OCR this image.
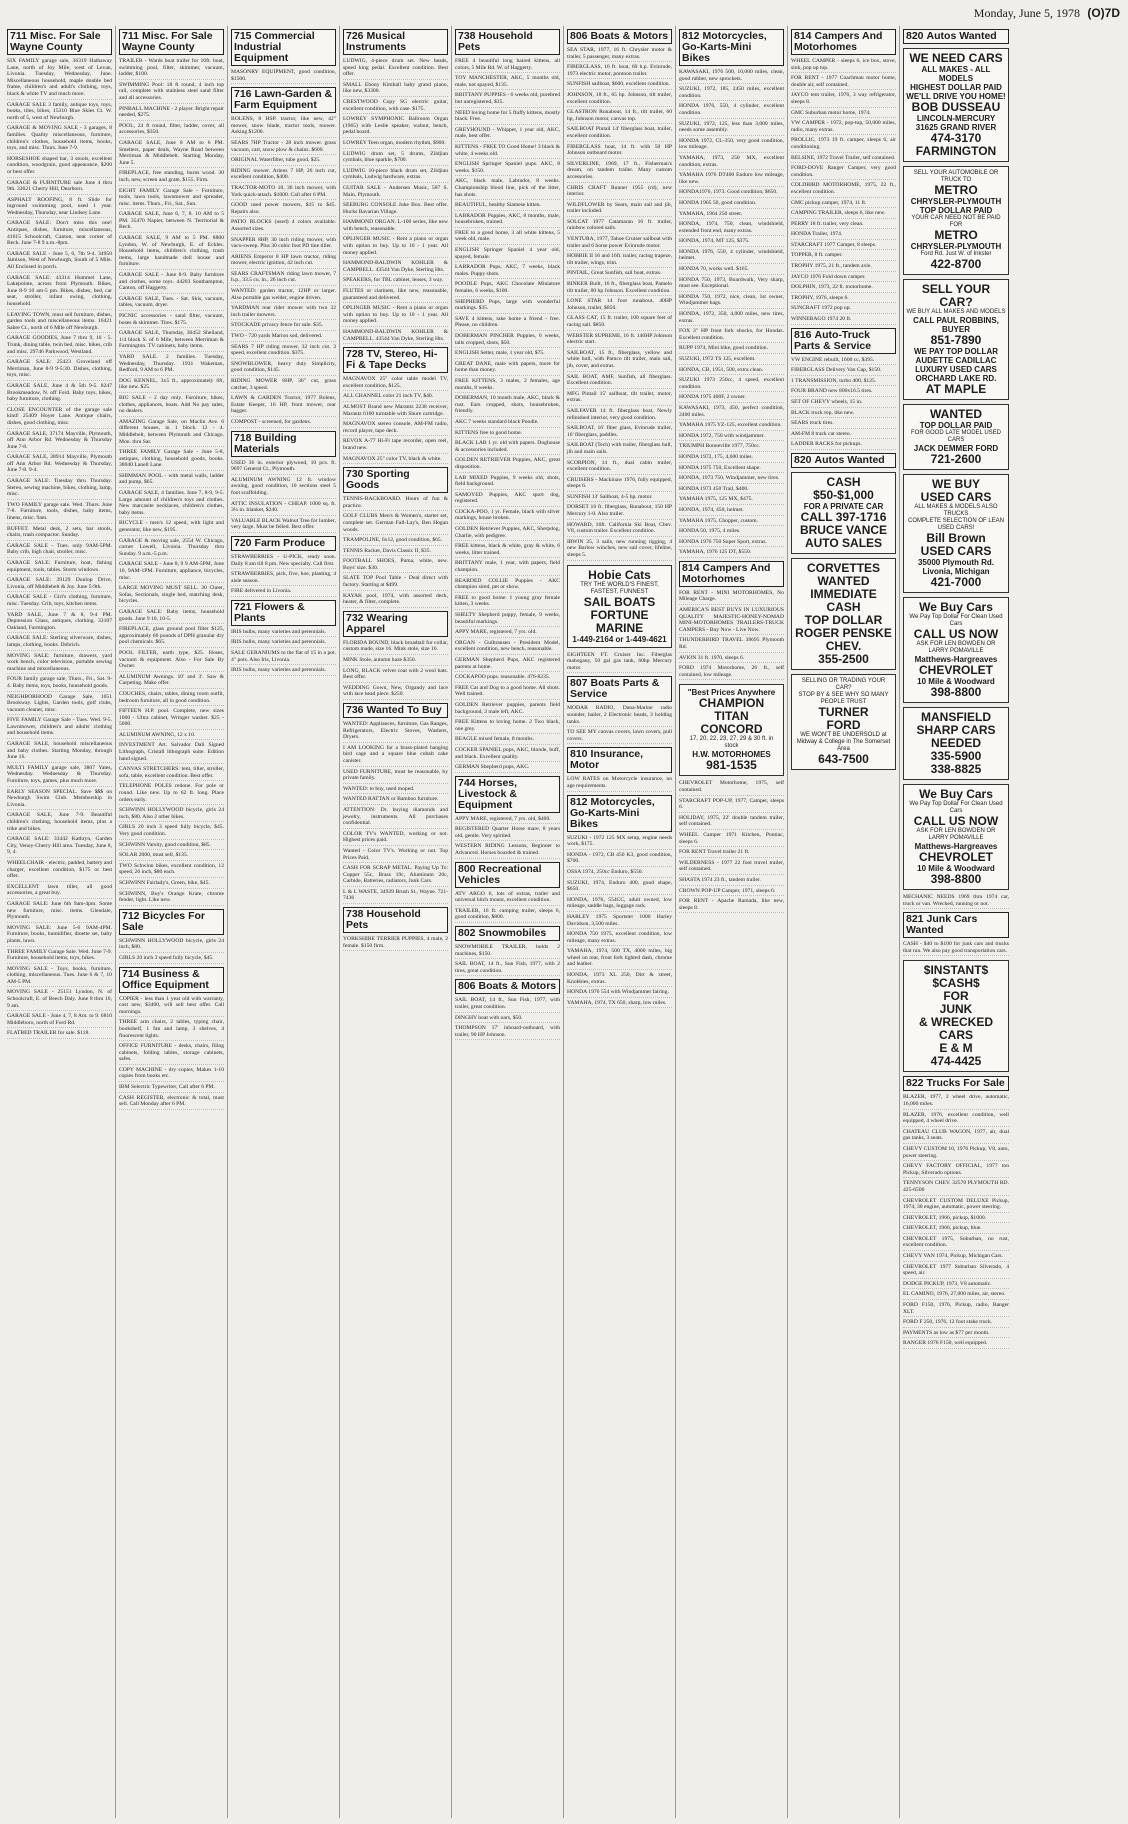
Monday, June 5, 1978 (O)7D
711 Misc. For Sale Wayne County

SIX FAMILY garage sale, 36319 Hathaway Lane, north of Joy Mile, west of Levan, Livonia. Tuesday, Wednesday, June. Miscellaneous household, maple double bed frame, children's and adult's clothing, toys, black & white TV and much more.

GARAGE SALE 3 family, antique toys, toys, books, tiles, bikes, 15310 Blue Skies Ct. W. north of 5, west of Newburgh.

GARAGE & MOVING SALE - 3 garages, 8 families. Quality miscellaneous, furniture, children's clothes, household items, books, toys, and misc. Thurs. June 7-9.

HORSESHOE shaped bar, 3 stools, excellent condition, woodgrain, good appearance, $200 or best offer.

GARAGE & FURNITURE sale June 4 thru 9th. 33621 Cherry Hill, Dearborn.

ASPHALT ROOFING, 8 ft. Slide for inground swimming pool, used 1 year. Wednesday, Thursday, near Lindsey Lane.

GARAGE SALE: Don't miss this one! Antiques, dishes, furniture, miscellaneous, 41615 Schoolcraft, Canton, near corner of Beck. June 7-8 9 a.m.-8pm.

GARAGE SALE - June 5, 6, 7th 9-4. 34950 Jamison, West of Newburgh, South of 5 Mile. All Enclosed in porch.

GARAGE SALE: 43314 Hummel Lane, Lakepointe, across from Plymouth. Bikes, June 8-9 10 am-5 pm. Bikes, dishes, bed, car seat, stroller, infant swing, clothing, household.

LEAVING TOWN, must sell furniture, dishes, garden tools and miscellaneous items. 16421 Sabre Ct., north of 6 Mile off Newburgh.

GARAGE GOODIES, June 7 thru 9, 10 - 5. Trunk, dining table, twin bed, misc. bikes, crib and misc. 29746 Parkwood, Westland.

GARAGE SALE: 25423 Groveland off Merriman, June 8-9 9-5:30. Dishes, clothing, toys, misc.

GARAGE SALE, June 4 & 5th 9-5. 8247 Brookmeadow, N. off Ford. Baby toys, bikes, baby furniture, clothing.

CLOSE ENCOUNTER of the garage sale kind! 25409 Hoyer Lane. Antique chairs, dishes, good clothing, misc.

GARAGE SALE, 37174 Mayville, Plymouth, off Ann Arbor Rd. Wednesday & Thursday June 7-8.

GARAGE SALE, 38914 Mayville, Plymouth off Ann Arbor Rd. Wednesday & Thursday, June 7-8. 9-4.

GARAGE SALE: Tuesday thru Thursday. Stereo, sewing machine, bikes, clothing, lamp, misc.

TWO FAMILY garage sale. Wed. Thurs. June 7-8. Furniture, tools, dishes, baby items, linens, misc. 9am.

BUFFET. Metal desk, 2 sets, bar stools, chairs, trash compactor. Sunday.

GARAGE SALE - Tues. only 9AM-5PM. Baby crib, high chair, stroller, misc.

GARAGE SALE: Furniture, boat, fishing equipment, tools, tables. Storm windows.

GARAGE SALE: 39129 Dunlop Drive, Livonia, off Middlebelt & Joy. June 5-9th.

GARAGE SALE - Girl's clothing, furniture, misc. Tuesday. Crib, toys, kitchen items.

YARD SALE, June 7 & 8, 9-4 PM. Depression Glass, antiques, clothing. 33107 Oakland, Farmington.

GARAGE SALE: Sterling silverware, dishes, lamps, clothing, books. Dobrich.

MOVING SALE: furniture, drawers, yard work bench, color television, portable sewing machine and miscellaneous.

FOUR family garage sale, Thurs., Fri., Sat. 9-4. Baby items, toys, books, household goods.

NEIGHBORHOOD Garage Sale, 1651 Brookway. Lights, Garden tools, golf clubs, vacuum cleaner, misc.

FIVE FAMILY Garage Sale - Tues. Wed. 9-5. Lawnmower, children's and adults' clothing and household items.

GARAGE SALE, household miscellaneous and baby clothes. Starting Monday, through June 16.

MULTI FAMILY garage sale, 3807 Yates, Wednesday. Wednesday & Thursday. Furniture, toys, games, plus much more.

EARLY SEASON SPECIAL. Save $$$ on Newburgh Swim Club. Membership in Livonia.

GARAGE SALE, June 7-9. Beautiful children's clothing, household items, plus a trike and bikes.

GARAGE SALE: 33442 Kathryn, Garden City, Venoy-Cherry Hill area. Tuesday, June 8, 9, 4.

WHEELCHAIR - electric, padded, battery and charger, excellent condition, $175 or best offer.

EXCELLENT lawn tiller, all good accessories, a great buy.

GARAGE SALE: June 6th 9am-4pm. Some new furniture, misc. items. Glendale, Plymouth.

MOVING SALE: June 5-6 9AM-4PM. Furniture, books, humidifier, dinette set, baby plants, lawn.

THREE FAMILY Garage Sale. Wed. June 7-9. Furniture, household items, toys, bikes.

MOVING SALE - Toys, books, furniture, clothing, miscellaneous. Tues. June 6 & 7, 10 AM-5 PM.

MOVING SALE - 25151 Lyndon, N. of Schoolcraft, E. of Beech Daly. June 8 thru 10, 9 am.

GARAGE SALE - June 4, 7, 8 Am. to 9. 6810 Middleboro, north of Ford Rd.

FLATBED TRAILER for sale. $118.

711 Misc. For Sale Wayne County

TRAILER - Wards boat trailer for 16ft. boat, swimming pool, filter, skimmer, vacuum, ladder, $100.

SWIMMING Pool: 18 ft round, 4 inch top rail, complete with stainless steel sand filter and all accessories.

PINBALL MACHINE - 2 player. Bright repair needed, $275.

POOL, 24 ft round, filter, ladder, cover, all accessories, $350.

GARAGE SALE, June 8 AM to 6 PM. Smelters, paper deals, Wayne Road between Merriman & Middlebelt. Starting Monday, June 5.

FIREPLACE, free standing, burns wood. 30 inch, new, screen and grate, $155. Firm.

EIGHT FAMILY Garage Sale - Furniture, tools, lawn tools, lawnmower and spreader, misc. items. Thurs., Fri., Sat., Sun.

GARAGE SALE, June 6, 7, 8. 10 AM to 5 PM. 35470 Napier, between N. Territorial & Beck.

GARAGE SALE, 9 AM to 5 PM. 8800 Lyndon, W. of Newburgh, E. of Eckles. Household items, children's clothing, trash items, large handmade doll house and furniture.

GARAGE SALE - June 8-9. Baby furniture and clothes, some toys. 44203 Southampton, Canton, off Haggerty.

GARAGE SALE, Tues. - Sat. Skis, vacuum, tables, vacuum, dryer.

PICNIC accessories - sand filter, vacuum, hoses & skimmer. Tires. $175.

GARAGE SALE, Thursday, 30452 Sheiland, 1/4 block S. of 6 Mile, between Merriman & Farmington. TV cabinets, baby items.

YARD SALE. 2 families. Tuesday, Wednesday, Thursday. 1931 Wakeman, Redford. 9 AM to 6 PM.

DOG KENNEL, 3x5 ft., approximately 6ft, like new. $25.

BIG SALE - 2 day only. Furniture, bikes, clothes, appliances, boats. Add No pay sales, no dealers.

AMAZING Garage Sale, on Maclin Ave. 6 different houses, in 1 block. 12 - 4. Middlebelt, between Plymouth and Chicago. Mon. thru Sat.

THREE FAMILY Garage Sale - June 5-8, antiques, clothing, household goods, books. 38040 Lanell Lane.

SHIMMAN POOL - with metal walls, ladder and pump, $65.

GARAGE SALE, 4 families. June 7, 8-9, 9-5. Large amount of children's toys and clothes. New marcasite necklaces, children's clothes, baby items.

BICYCLE - men's 12 speed, with light and generator, like new, $195.

GARAGE & moving sale, 2554 W. Chicago, corner Lowell, Livonia. Thursday thru Sunday. 9 a.m.-5 p.m.

GARAGE SALE - June 8, 9 9 AM-5PM, June 10, 9AM-1PM. Furniture, appliance, bicycles, misc.

LARGE MOVING MUST SELL. 30 Cheer, Sofas, Sectionals, single bed, matching desk, bicycles.

GARAGE SALE: Baby items, household goods. June 9 10, 10-5.

FIREPLACE, glass ground pool filter $125, approximately 60 pounds of DPH granular dry pool chemicals. $65.

POOL FILTER, earth type, $25. Hoses, vacuum & equipment. Also - For Sale By Owner.

ALUMINUM Awnings. 10' and 3'. Saw & Carpeting. Make offer.

COUCHES, chairs, tables, dining room outfit, bedroom furniture, all in good condition.

FIFTEEN H.P. pool. Complete, new sizes 1000 - Ultra cabinet, Wringer washer. $25 - 5000.

ALUMINUM AWNING, 12 x 10.

INVESTMENT Art. Salvador Dali Signed Lithograph, Cristall lithograph suite. Edition hand signed.

CANVAS STRETCHERS: tent, tiller, stroller, sofa, table, excellent condition. Best offer.

TELEPHONE POLES redone. For pole or round. Like new. Up to 62 ft. long. Place orders early.

SCHWINN HOLLYWOOD bicycle, girls 24 inch, $80. Also 2 other bikes.

GIRLS 20 inch 3 speed fully bicycle, $45. Very good condition.

SCHWINN Varsity, good condition, $85.

SOLAR 2000, must sell, $135.

TWO Schwinn bikes, excellent condition, 12 speed, 26 inch, $80 each.

SCHWINN Fairlady's, Green, bike, $45.

SCHWINN, Boy's Orange Krate, chrome fender, light. Like new.

712 Bicycles For Sale

SCHWINN HOLLYWOOD bicycle, girls 24 inch, $80.

GIRLS 20 inch 3 speed fully bicycle, $45.

714 Business & Office Equipment

COPIER - less than 1 year old with warranty, cost new, $3400, will sell best offer. Call mornings.

THREE arm chairs, 2 tables, typing chair, bookshelf, 1 fan and lamp, 3 shelves, 4 fluorescent lights.

OFFICE FURNITURE - desks, chairs, filing cabinets, folding tables, storage cabinets, safes.

COPY MACHINE - dry copies, Makes 1-10 copies from books etc.

IBM Selectric Typewriter, Call after 6 PM.

CASH REGISTER, electronic & total, must sell. Call Monday after 6 PM.

715 Commercial Industrial Equipment

MASONRY EQUIPMENT, good condition, $1500.

716 Lawn-Garden & Farm Equipment

BOLENS, 8 HSP. tractor, like new, 42" mower, snow blade, tractor tools, mower. Asking $1200.

SEARS 7HP Tractor - 28 inch mower. grass vacuum, cart, snow plow & chains. $600.

ORIGINAL Waterfilter, tube good, $25.

RIDING mower. Ariens 7 HP, 26 inch cut, excellent condition, $400.

TRACTOR-MOTO 18, 36 inch mower, with York quick-attach. $1000. Call after 6 PM.

GOOD used power mowers, $15 to $45. Repairs also.

PATIO BLOCKS (used) 4 colors available. Assorted sizes.

SNAPPER 8HP, 30 inch riding mower, with vacu-sweep. Plus 30 cubic foot PD tine tiller.

ARIENS Emperor 8 HP lawn tractor, riding mower, electric ignition, 42 inch cut.

SEARS CRAFTSMAN riding lawn mower, 7 h.p., 33.5 cu. in., 26 inch cut.

WANTED: garden tractor, 12HP or larger. Also portable gas welder, engine driven.

YARDMAN rear rider mower with two 32 inch trailer mowers.

STOCKADE privacy fence for sale. $35.

TWO - 720 yards Marion sod, delivered.

SEARS 7 HP riding mower, 32 inch cut. 3 speed, excellent condition. $375.

SNOWBLOWER, heavy duty Simplicity, good condition, $145.

RIDING MOWER 8HP, 36" cut, grass catcher, 3 speed.

LAWN & GARDEN Tractor, 1977 Bolens, Estate Keeper, 16 HP, front mower, rear bagger.

COMPOST - screened, for gardens.

718 Building Materials

USED 36 in. exterior plywood, 10 pcs. ft. 9697 General Ct., Plymouth.

ALUMINUM AWNING 12 ft. window awning, good condition, 10 sections steel 5 foot scaffolding.

ATTIC INSULATION - CHEAP. 1000 sq. ft. 3¼ in. blanket, $240.

VALUABLE BLACK Walnut Tree for lumber, very large. Must be felled. Best offer.

720 Farm Produce

STRAWBERRIES - U-PICK, ready soon. Daily 8 am till 8 pm. New specialty. Call first.

STRAWBERRIES, pick, five, hoe, planting, 4 aisle season.

FIRE delivered in Livonia.

721 Flowers & Plants

IRIS bulbs, many varieties and perennials.

IRIS bulbs, many varieties and perennials.

SALE GERANIUMS to the flat of 15 in a pot. 4" pots. Also Iris, Livonia.

IRIS bulbs, many varieties and perennials.

726 Musical Instruments

LUDWIG, 4-piece drum set. New heads, speed king pedal. Excellent condition. Best offer.

SMALL Ebony Kimball baby grand piano, like new, $3300.

CRESTWOOD Copy SG electric guitar, excellent condition, with case. $175.

LOWREY SYMPHONIC Ballroom Organ (1965) with Leslie speaker, walnut, bench, pedal board.

LOWREY Teen organ, modern rhythm, $900.

LUDWIG drum set, 5 drums, Zildjian cymbals, blue sparkle, $700.

LUDWIG 10-piece black drum set, Zildjian cymbals, Ludwig hardware, extras.

GUITAR SALE - Andersen Music, 587 S. Main, Plymouth.

SEEBURG CONSOLE Juke Box. Best offer. Hucks Bavarian Village.

HAMMOND ORGAN. L-100 series, like new with bench, reasonable.

OPLINGER MUSIC - Rent a piano or organ with option to buy. Up to 10 - 1 year. All money applied.

HAMMOND-BALDWIN KOHLER & CAMPBELL. 43544 Van Dyke, Sterling Hts.

SPEAKERS, for TBL cabinet, lenses, 3 way.

FLUTES or clarinets, like new, reasonable, guaranteed and delivered.

OPLINGER MUSIC - Rent a piano or organ with option to buy. Up to 10 - 1 year. All money applied.

HAMMOND-BALDWIN KOHLER & CAMPBELL. 43544 Van Dyke, Sterling Hts.

728 TV, Stereo, Hi-Fi & Tape Decks

MAGNAVOX 25" color table model TV, excellent condition, $125.

ALL CHANNEL color 21 inch TV, $40.

ALMOST Brand new Marantz 2238 receiver, Marantz 6100 turntable with Shure cartridge.

MAGNAVOX stereo console, AM-FM radio, record player, tape deck.

REVOX A-77 Hi-Fi tape recorder, open reel, brand new.

MAGNAVOX 25" color TV, black & white.

730 Sporting Goods

TENNIS-BACKBOARD. Hours of fun & practice.

GOLF CLUBS Men's & Women's, starter set, complete set. German Fall-Lay's, Ben Hogan woods.

TRAMPOLINE, 6x12, good condition, $65.

TENNIS Racket, Davis Classic II, $35.

FOOTBALL SHOES, Puma, white, new. Boys' size. $30.

SLATE TOP Pool Table - Deal direct with factory. Starting at $499.

KAYAK pool, 1974, with assorted deck, heater, & filter, complete.

732 Wearing Apparel

FLORIDA BOUND, black broadtail fur collar, custom made, size 16. Mink stole, size 16.

MINK Stole, autumn haze $350.

LONG, BLACK velvet coat with 2 wool hats. Best offer.

WEDDING Gown, New, Organdy and lace with lace head piece. $250.

736 Wanted To Buy

WANTED: Appliances, furniture, Gas Ranges, Refrigerators, Electric Stoves, Washers, Dryers.

I AM LOOKING for a brass-plated hanging bird cage and a square blue cobalt cake canister.

USED FURNITURE, must be reasonable, by private family.

WANTED: to buy, used moped.

WANTED RATTAN or Bamboo furniture.

ATTENTION: Dr. buying diamonds and jewelry, instruments. All purchases confidential.

COLOR TV's WANTED, working or not. Highest prices paid.

Wanted - Color TV's. Working or not. Top Prices Paid.

CASH FOR SCRAP METAL. Paying Up To: Copper 55c, Brass 19c, Aluminum 20c, Carbide, Batteries, radiators, Junk Cars.

L & L WASTE, 34939 Brush St., Wayne. 721-7436

738 Household Pets

YORKSHIRE TERRIER PUPPIES, 4 male, 2 female. $150 firm.

738 Household Pets

FREE 4 beautiful long haired kittens, all colors, 5 Mile Rd. W. of Haggerty.

TOY MANCHESTER, AKC, 5 months old, male, not spayed, $135.

BRITTANY PUPPIES - 6 weeks old, purebred but unregistered, $35.

NEED loving home for 5 fluffy kittens, mostly black. Free.

GREYHOUND - Whippet, 1 year old, AKC, male, best offer.

KITTENS - FREE TO Good Home! 3 black & white, 4 weeks old.

ENGLISH Springer Spaniel pups. AKC, 8 weeks. $150.

AKC, black male, Labrador, 8 weeks. Championship blood line, pick of the litter, has shots.

BEAUTIFUL, healthy Siamese kitten.

LABRADOR Puppies, AKC, 8 months, male, housebroken, trained.

FREE to a good home, 3 all white kittens, 5 week old, male.

ENGLISH Springer Spaniel 4 year old, spayed, female.

LABRADOR Pups, AKC, 7 weeks, black males. Puppy shots.

POODLE Pups, AKC Chocolate Miniature females, 6 weeks, $100.

SHEPHERD Pups, large with wonderful markings. $35.

SAVE 4 kittens, take home a friend - free. Please, no children.

DOBERMAN PINCHER Puppies, 6 weeks, tails cropped, shots, $50.

ENGLISH Setter, male, 1 year old, $75.

GREAT DANE, male with papers, more for home than money.

FREE KITTENS, 3 males, 2 females, age months, 8 weeks.

DOBERMAN, 10 month male, AKC, black & rust. Ears cropped, shots, housebroken, friendly.

AKC 7 weeks standard black Poodle.

KITTENS free to good home.

BLACK LAB 1 yr. old with papers. Doghouse & accessories included.

GOLDEN RETRIEVER Puppies, AKC, great disposition.

LAB MIXED Puppies, 9 weeks old, shots, field background.

SAMOYED Puppies, AKC sport dog, registered.

COCKA-POO, 1 yr. Female, black with silver markings, house broken.

GOLDEN Retriever Puppies, AKC, Sherpdog, Charlie, with pedigree.

FREE kittens, black & white, gray & white, 6 weeks, litter trained.

BRITTANY male, 1 year, with papers, field champion.

BEARDED COLLIE Puppies - AKC champion sired, pet or show.

FREE to good home: 1 young gray female kitten, 3 weeks.

SHELTY Shepherd puppy, female, 9 weeks, beautiful markings.

APPY MARE, registered, 7 yrs. old.

ORGAN - Gulbransen - President Model, excellent condition, new bench, reasonable.

GERMAN Shepherd Pups, AKC registered parents at home.

COCKAPOO pups. reasonable. 476-8235.

FREE Cat and Dog to a good home. All shots. Well trained.

GOLDEN Retriever puppies, parents field background, 2 male left, AKC.

FREE Kittens to loving home. 2 Two black, one grey.

BEAGLE mixed female, 8 months.

COCKER SPANIEL pups, AKC, blonde, buff, and black. Excellent quality.

GERMAN Shepherd pups, AKC.

744 Horses, Livestock & Equipment

APPY MARE, registered, 7 yrs. old, $400.

REGISTERED Quarter Horse mare, 8 years old, gentle. Very spirited.

WESTERN RIDING Lessons, Beginner to Advanced. Horses boarded & trained.

800 Recreational Vehicles

ATV ARGO 6, lots of extras, trailer and universal hitch mount, excellent condition.

TRAILER, 16 ft. camping trailer, sleeps 6, good condition, $800.

802 Snowmobiles

SNOWMOBILE TRAILER, holds 2 machines, $150.

SAIL BOAT, 14 ft., Sun Fish, 1977, with 2 tires, great condition.

806 Boats & Motors

SAIL BOAT, 14 ft., Sun Fish, 1977, with trailer, great condition.

DINGHY boat with oars, $50.

THOMPSON 17' inboard-outboard, with trailer, 90 HP Johnson.

806 Boats & Motors

SEA STAR, 1977, 16 ft. Chrysler motor & trailer, 5 passenger, many extras.

FIBERGLASS, 16 ft. boat, 60 h.p. Evinrude, 1973 electric motor, pontoon trailer.

SUNFISH sailboat, $600, excellent condition.

JOHNSON, 18 ft., 65 hp. Johnson, tilt trailer, excellent condition.

GLASTRON Runabout, 14 ft., tilt trailer, 60 hp, Johnson motor, canvas top.

SAILBOAT Pintail 14' fiberglass boat, trailer, excellent condition.

FIBERGLASS boat, 14 ft. with 50 HP Johnson outboard motor.

SILVERLINE, 1969, 17 ft., Fisherman's dream, on tandem trailer. Many custom accessories.

CHRIS CRAFT Runner 1955 (rd), new interior.

WILDFLOWER by Sears, main sail and jib, trailer included.

SOLCAT 1977 Catamaran 16 ft. trailer, rainbow colored sails.

VENTURA, 1977, Tahoe Cruiser sailboat with trailer and 6 horse power Evinrude motor.

HOBBIE II 16 and 16ft. trailer, racing trapeze, tilt trailer, wings, trim.

PINTAIL, Great Sunfish, sail boat, extras.

BINKER Built, 16 ft., fiberglass boat, Pamelo tilt trailer, 80 hp Johnson. Excellent condition.

LONE STAR 14 foot runabout, 40HP Johnson, trailer, $850.

GLASS CAT, 15 ft. trailer, 100 square feet of racing sail. $850.

WEBSTER SUPREME, 16 ft. 140HP Johnson electric start.

SAILBOAT, 15 ft., fiberglass, yellow and white hull, with Pamco tilt trailer, main sail, jib, cover, and extras.

SAIL BOAT, AMF, Sunfish, all fiberglass. Excellent condition.

MFG Pintail 15' sailboat, tilt trailer, motor, extras.

SAILFAVER 14 ft. fiberglass boat, Newly refinished interior, very good condition.

SAILBOAT, 16' fiber glass, Evinrude trailer, 16' fiberglass, paddles.

SAILBOAT (Tech) with trailer, fiberglass hull, jib and main sails.

SCORPION, 14 ft., dual cabin trailer, excellent condition.

CRUISERS - Mackinaw 1976, fully equipped, sleeps 6.

SUNFISH 13' Sailboat, 4-5 hp. motor.

DORSET 16 ft. fiberglass, Runabout, 150 HP Mercury 1-0. Also trailer.

HOWARD, 16ft. California Ski Boat, Chev. V8, custom trailer. Excellent condition.

IRWIN 25, 3 sails, new running rigging, 4 new Barlow winches, new sail cover, lifeline, sleeps 5.

Hobie Cats
TRY THE WORLD'S FINEST, FASTEST, FUNNEST
SAIL BOATS
FORTUNE MARINE
1-449-2164 or 1-449-4621

EIGHTEEN FT. Cruiser Inc. Fiberglas mahogany, 50 gal gas tank, 60hp Mercury motor.

807 Boats Parts & Service

MODAR RADIO, Dana-Marine radio sounder, bailer, 2 Electronic heads, 3 holding tanks.

TO SEE MY canvas covers, lawn covers, pull covers.

810 Insurance, Motor

LOW RATES on Motorcycle insurance, no age requirements.

812 Motorcycles, Go-Karts-Mini Bikes

SUZUKI - 1972 125 MX setup, engine needs work, $175.

HONDA - 1972, CB 450 K3, good condition, $700.

OSSA 1974, 250cc Enduro, $550.

SUZUKI, 1974, Enduro 400, good shape, $650.

HONDA, 1976, 554CC, adult owned, low mileage, saddle bags, luggage rack.

HARLEY 1975 Sportster 1000 Harley Davidson, 3,500 miles.

HONDA 750 1975, excellent condition, low mileage, many extras.

YAMAHA, 1974, 500 TX, 4000 miles, big wheel on rear, front fork lighted dash, chrome and leather.

HONDA, 1973 XL 250, Dirt & street, Knobbies, extras.

HONDA 1976 554 with Windjammer fairing.

YAMAHA, 1974, TX 650, sharp, low miles.

812 Motorcycles, Go-Karts-Mini Bikes

KAWASAKI, 1976 500, 10,000 miles, clean, good rubber, new sprockets.

SUZUKI, 1972, 185, 2450 miles, excellent condition.

HONDA 1976, 550, 4 cylinder, excellent condition.

SUZUKI, 1972, 125, less than 3,000 miles, needs some assembly.

HONDA 1972, CL-350, very good condition, low mileage.

YAMAHA, 1973, 250 MX, excellent condition, extras.

YAMAHA 1976 DT400 Enduro low mileage, like new.

HONDA1976, 1973. Good condition, $650.

HONDA 1965 50, good condition.

YAMAHA, 1964 250 street.

HONDA, 1974, 750, clean, windshield, extended front end, many extras.

HONDA, 1974, MT 125, $375.

HONDA 1976, 550, 4 cylinder, windshield, helmet.

HONDA 70, works well. $165.

HONDA 750, 1973, Boardwalk, Very sharp, must see. Exceptional.

HONDA 750, 1972, nice, clean, 1st owner, Windjammer bags.

HONDA, 1972, 350, 4,000 miles, new tires, extras.

FOX 3" HP front fork shocks, for Hondas. Excellent condition.

RUPP 1974, Mini bike, good condition.

SUZUKI, 1972 TS 125, excellent.

HONDA, CB, 1951, 500, extra clean.

SUZUKI 1973 250cc, 4 speed, excellent condition.

HONDA 1975 400F, 2 owner.

KAWASAKI, 1973, 450, perfect condition, 2400 miles.

YAMAHA 1975 YZ-125, excellent condition.

HONDA 1972, 750 with windjammer.

TRIUMPH Bonneville 1977, 750cc.

HONDA 1972, 175, 4,600 miles.

HONDA 1975 750, Excellent shape.

HONDA, 1973 750, Windjammer, new tires.

HONDA 1973 450 Trail, $400.

YAMAHA 1975, 125 MX, $475.

HONDA, 1974, 450, helmet.

YAMAHA 1975, Chopper, custom.

HONDA 50, 1975, 4 miles.

HONDA 1976 750 Super Sport, extras.

YAMAHA, 1976 125 DT, $550.

814 Campers And Motorhomes

FOR RENT - MINI MOTORHOMES, No Mileage Charge.

AMERICA'S BEST BUYS IN LUXURIOUS QUALITY MAJESTIC-HONEY-NOMAD MINI-MOTORHOMES TRAILERS-TRUCK CAMPERS - Buy Now - Live Now.

THUNDERBIRD TRAVEL 38695 Plymouth Rd.

AVION 31 ft. 1970, sleeps 6.

FORD 1974 Motorhome, 26 ft., self contained, low mileage.

"Best Prices Anywhere
CHAMPION
TITAN
CONCORD
17, 20, 22, 23, 27, 29 & 30 ft. in stock
H.W. MOTORHOMES
981-1535

CHEVROLET Motorhome, 1975, self contained.

STARCRAFT POP-UP, 1977, Camper, sleeps 6.

HOLIDAY, 1975, 22' double tandem trailer, self contained.

WHEEL Camper 1971 Kitchen, Pontiac, sleeps 6.

FOR RENT Travel trailer 21 ft.

WILDERNESS - 1977 22 foot travel trailer, self contained.

SHASTA 1974 23 ft., tandem trailer.

CROWN POP-UP Camper, 1971, sleeps 6.

FOR RENT - Apache Ramada, like new, sleeps 8.

814 Campers And Motorhomes

WHEEL CAMPER - sleeps 6, ice box, stove, sink, pop up top.

FOR RENT - 1977 Coachman motor home, double air, self contained.

JAYCO tent trailer, 1976, 3 way refrigerator, sleeps 8.

GMC Suburban motor home, 1974.

VW CAMPER - 1972, pop-top, 50,000 miles, radio, many extras.

PROLLIC, 1973 19 ft. camper, sleeps 6, air conditioning.

BELSINE, 1972 Travel Trailer, self contained.

FORD-DOVE Ranger Camper, very good condition.

COLDBIRD MOTORHOME, 1975, 22 ft., excellent condition.

GMC pickup camper, 1974, 11 ft.

CAMPING TRAILER, sleeps 6, like new.

PERRY 18 ft. trailer, very clean.

HONDA Trailer, 1974.

STARCRAFT 1977 Camper, 8 sleeps.

TOPPER, 8 ft. camper.

TROPHY 1975, 21 ft., tandem axle.

JAYCO 1976 Fold down camper.

DOLPHIN, 1973, 22 ft. motorhome.

TROPHY, 1976, sleeps 6.

SUNCRAFT 1972 pop up.

WINNEBAGO 1974 20 ft.

816 Auto-Truck Parts & Service

VW ENGINE rebuilt, 1600 cc, $395.

FIBERGLASS Delivery Van Cap, $150.

1 TRANSMISSION, turbo 400, $125.

FOUR BRAND new 800x16.5 tires.

SET OF CHEVY wheels, 15 in.

BLACK truck top, like new.

SEARS truck tires.

AM-FM 8 track car stereo.

LADDER RACKS for pickups.

820 Autos Wanted
CASH
$50-$1,000
FOR A PRIVATE CAR
CALL 397-1716
BRUCE VANCE
AUTO SALES
CORVETTES
WANTED
IMMEDIATE
CASH
TOP DOLLAR
ROGER PENSKE
CHEV.
355-2500
SELLING OR TRADING YOUR CAR?
STOP BY & SEE WHY SO MANY PEOPLE TRUST
TURNER
FORD
WE WON'T BE UNDERSOLD at Midway & College in The Somerset Area
643-7500
820 Autos Wanted
WE NEED CARS
ALL MAKES - ALL MODELS
HIGHEST DOLLAR PAID
WE'LL DRIVE YOU HOME!
BOB DUSSEAU
LINCOLN-MERCURY
31625 GRAND RIVER
474-3170
FARMINGTON
SELL YOUR AUTOMOBILE OR TRUCK TO
METRO
CHRYSLER-PLYMOUTH
TOP DOLLAR PAID
YOUR CAR NEED NOT BE PAID FOR
METRO
CHRYSLER-PLYMOUTH
Ford Rd. Just W. of Inkster
422-8700
SELL YOUR CAR?
WE BUY ALL MAKES AND MODELS
CALL PAUL ROBBINS, BUYER
851-7890
WE PAY TOP DOLLAR
AUDETTE CADILLAC
LUXURY USED CARS
ORCHARD LAKE RD.
AT MAPLE
WANTED
TOP DOLLAR PAID
FOR GOOD LATE MODEL USED CARS
JACK DEMMER FORD
721-2600
WE BUY
USED CARS
ALL MAKES & MODELS ALSO TRUCKS
COMPLETE SELECTION OF LEAN USED CARS!
Bill Brown
USED CARS
35000 Plymouth Rd.
Livonia, Michigan
421-7000
We Buy Cars
We Pay Top Dollar For Clean Used Cars
CALL US NOW
ASK FOR LEN BOWDEN OR LARRY POMAVILLE
Matthews-Hargreaves
CHEVROLET
10 Mile & Woodward
398-8800
MANSFIELD
SHARP CARS
NEEDED
335-5900
338-8825
We Buy Cars
We Pay Top Dollar For Clean Used Cars
CALL US NOW
ASK FOR LEN BOWDEN OR LARRY POMAVILLE
Matthews-Hargreaves
CHEVROLET
10 Mile & Woodward
398-8800

MECHANIC NEEDS 1969 thru 1974 car, truck or van. Wrecked, running or not.

821 Junk Cars Wanted

CASH - $40 to $100 for junk cars and trucks that run. We also pay good transportation cars.

$INSTANT$
$CASH$
FOR
JUNK
& WRECKED
CARS
E & M
474-4425
822 Trucks For Sale

BLAZER, 1977, 2 wheel drive, automatic, 16,000 miles.

BLAZER, 1976, excellent condition, well equipped, 4 wheel drive.

CHATEAU CLUB WAGON, 1977, air, dual gas tanks, 3 seats.

CHEVY CUSTOM 10, 1976 Pickup, V8, auto, power steering.

CHEVY FACTORY OFFICIAL, 1977 ton Pickup, Silverado options.

TENNYSON CHEV. 32570 PLYMOUTH RD. 425-6500

CHEVROLET CUSTOM DELUXE Pickup, 1974, 30 engine, automatic, power steering.

CHEVROLET, 1966, pickup, $1000.

CHEVROLET, 1966, pickup, blue.

CHEVROLET 1975, Suburban, no rust, excellent condition.

CHEVY VAN 1974, Pickup, Michigan Cars.

CHEVROLET 1977 Suburban Silverado, 4 speed, air.

DODGE PICKUP, 1973, V8 automatic.

EL CAMINO, 1976, 27,000 miles, air, stereo.

FORD F150, 1976, Pickup, radio, Ranger XLT.

FORD F 250, 1976, 12 foot stake truck.

PAYMENTS as low as $77 per month.

RANGER 1976 F150, well equipped.
